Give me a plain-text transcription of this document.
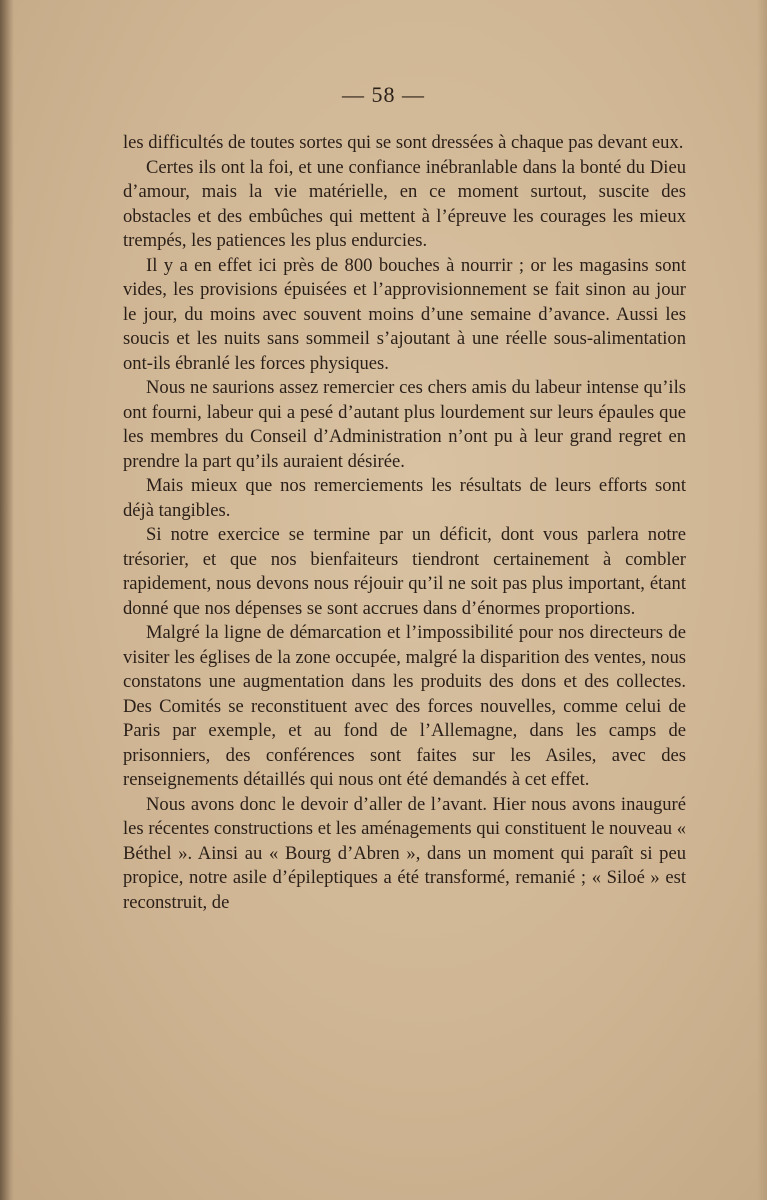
— 58 —

les difficultés de toutes sortes qui se sont dressées à chaque pas devant eux.

Certes ils ont la foi, et une confiance inébranlable dans la bonté du Dieu d’amour, mais la vie matérielle, en ce moment surtout, suscite des obstacles et des embûches qui mettent à l’épreuve les courages les mieux trempés, les patiences les plus endurcies.

Il y a en effet ici près de 800 bouches à nourrir ; or les magasins sont vides, les provisions épuisées et l’approvisionnement se fait sinon au jour le jour, du moins avec souvent moins d’une semaine d’avance. Aussi les soucis et les nuits sans sommeil s’ajoutant à une réelle sous-alimentation ont-ils ébranlé les forces physiques.

Nous ne saurions assez remercier ces chers amis du labeur intense qu’ils ont fourni, labeur qui a pesé d’autant plus lourdement sur leurs épaules que les membres du Conseil d’Administration n’ont pu à leur grand regret en prendre la part qu’ils auraient désirée.

Mais mieux que nos remerciements les résultats de leurs efforts sont déjà tangibles.

Si notre exercice se termine par un déficit, dont vous parlera notre trésorier, et que nos bienfaiteurs tiendront certainement à combler rapidement, nous devons nous réjouir qu’il ne soit pas plus important, étant donné que nos dépenses se sont accrues dans d’énormes proportions.

Malgré la ligne de démarcation et l’impossibilité pour nos directeurs de visiter les églises de la zone occupée, malgré la disparition des ventes, nous constatons une augmentation dans les produits des dons et des collectes. Des Comités se reconstituent avec des forces nouvelles, comme celui de Paris par exemple, et au fond de l’Allemagne, dans les camps de prisonniers, des conférences sont faites sur les Asiles, avec des renseignements détaillés qui nous ont été demandés à cet effet.

Nous avons donc le devoir d’aller de l’avant. Hier nous avons inauguré les récentes constructions et les aménagements qui constituent le nouveau « Béthel ». Ainsi au « Bourg d’Abren », dans un moment qui paraît si peu propice, notre asile d’épileptiques a été transformé, remanié ; « Siloé » est reconstruit, de
